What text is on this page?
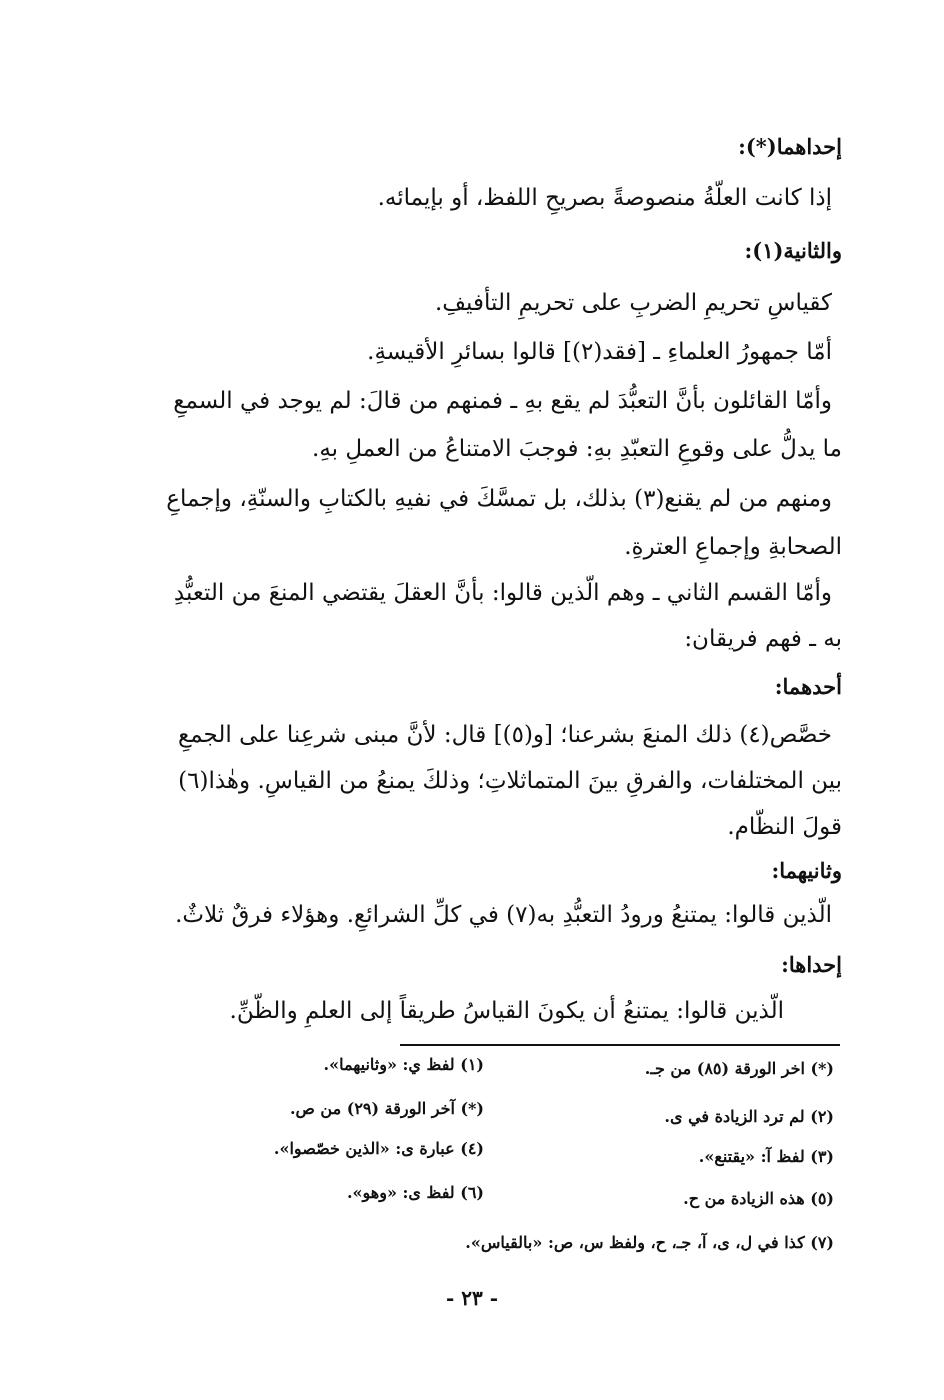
إحداهما(*):

إذا كانت العلّةُ منصوصةً بصريحِ اللفظ، أو بإيمائه.

والثانية(١):

كقياسِ تحريمِ الضربِ على تحريمِ التأفيفِ.

أمّا جمهورُ العلماءِ ـ [فقد(٢)] قالوا بسائرِ الأقيسةِ.

وأمّا القائلون بأنَّ التعبُّدَ لم يقع بهِ ـ فمنهم من قالَ: لم يوجد في السمعِ

ما يدلُّ على وقوعِ التعبّدِ بهِ: فوجبَ الامتناعُ من العملِ بهِ.

ومنهم من لم يقنع(٣) بذلك، بل تمسَّكَ في نفيهِ بالكتابِ والسنّةِ، وإجماعِ

الصحابةِ وإجماعِ العترةِ.

وأمّا القسم الثاني ـ وهم الّذين قالوا: بأنَّ العقلَ يقتضي المنعَ من التعبُّدِ

به ـ فهم فريقان:

أحدهما:

خصَّص(٤) ذلك المنعَ بشرعنا؛ [و(٥)] قال: لأنَّ مبنى شرعِنا على الجمعِ

بين المختلفات، والفرقِ بينَ المتماثلاتِ؛ وذلكَ يمنعُ من القياسِ. وهٰذا(٦)

قولَ النظّام.

وثانيهما:

الّذين قالوا: يمتنعُ ورودُ التعبُّدِ به(٧) في كلِّ الشرائعِ. وهؤلاء فرقٌ ثلاثٌ.

إحداها:

الّذين قالوا: يمتنعُ أن يكونَ القياسُ طريقاً إلى العلمِ والظّنِّ.

(*) اخر الورقة (٨٥) من جـ.
(١) لفظ ي: «وثانيهما».
(٢) لم ترد الزيادة في ى.
(*) آخر الورقة (٢٩) من ص.
(٣) لفظ آ: «يقتنع».
(٤) عبارة ى: «الذين خصّصوا».
(٥) هذه الزيادة من ح.
(٦) لفظ ى: «وهو».
(٧) كذا في ل، ى، آ، جـ، ح، ولفظ س، ص: «بالقياس».
- ٢٣ -
